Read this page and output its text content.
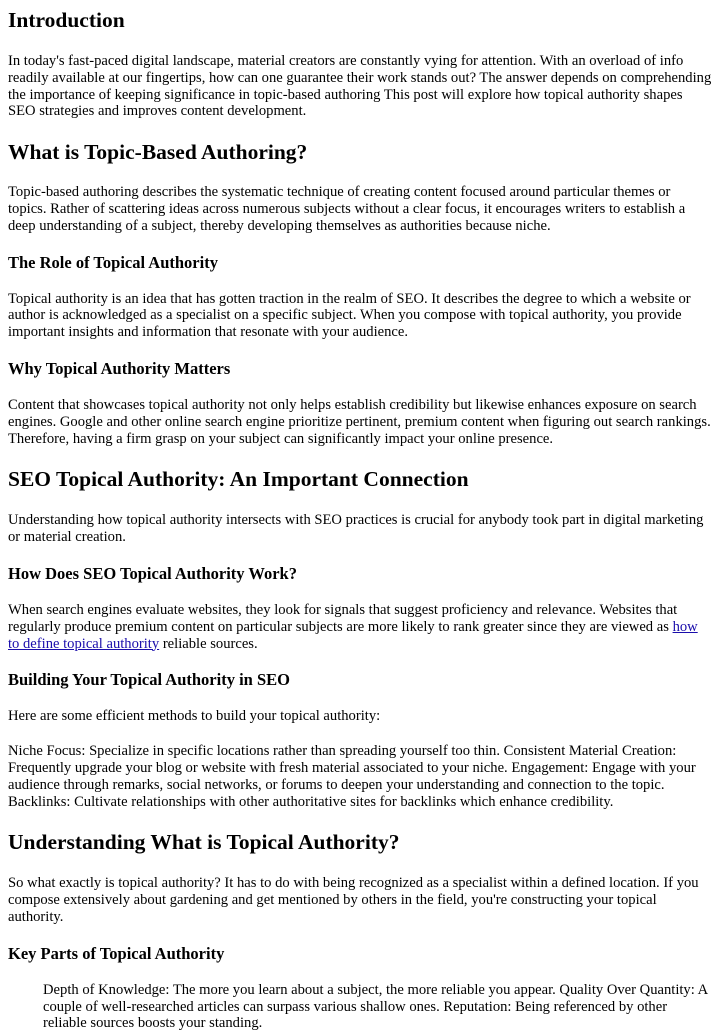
Introduction

In today's fast-paced digital landscape, material creators are constantly vying for attention. With an overload of info readily available at our fingertips, how can one guarantee their work stands out? The answer depends on comprehending the importance of keeping significance in topic-based authoring This post will explore how topical authority shapes SEO strategies and improves content development.

What is Topic-Based Authoring?

Topic-based authoring describes the systematic technique of creating content focused around particular themes or topics. Rather of scattering ideas across numerous subjects without a clear focus, it encourages writers to establish a deep understanding of a subject, thereby developing themselves as authorities because niche.

The Role of Topical Authority

Topical authority is an idea that has gotten traction in the realm of SEO. It describes the degree to which a website or author is acknowledged as a specialist on a specific subject. When you compose with topical authority, you provide important insights and information that resonate with your audience.

Why Topical Authority Matters

Content that showcases topical authority not only helps establish credibility but likewise enhances exposure on search engines. Google and other online search engine prioritize pertinent, premium content when figuring out search rankings. Therefore, having a firm grasp on your subject can significantly impact your online presence.

SEO Topical Authority: An Important Connection

Understanding how topical authority intersects with SEO practices is crucial for anybody took part in digital marketing or material creation.

How Does SEO Topical Authority Work?

When search engines evaluate websites, they look for signals that suggest proficiency and relevance. Websites that regularly produce premium content on particular subjects are more likely to rank greater since they are viewed as how to define topical authority reliable sources.

Building Your Topical Authority in SEO

Here are some efficient methods to build your topical authority:

Niche Focus: Specialize in specific locations rather than spreading yourself too thin. Consistent Material Creation: Frequently upgrade your blog or website with fresh material associated to your niche. Engagement: Engage with your audience through remarks, social networks, or forums to deepen your understanding and connection to the topic. Backlinks: Cultivate relationships with other authoritative sites for backlinks which enhance credibility.

Understanding What is Topical Authority?

So what exactly is topical authority? It has to do with being recognized as a specialist within a defined location. If you compose extensively about gardening and get mentioned by others in the field, you're constructing your topical authority.

Key Parts of Topical Authority
Depth of Knowledge: The more you learn about a subject, the more reliable you appear. Quality Over Quantity: A couple of well-researched articles can surpass various shallow ones. Reputation: Being referenced by other reliable sources boosts your standing.
